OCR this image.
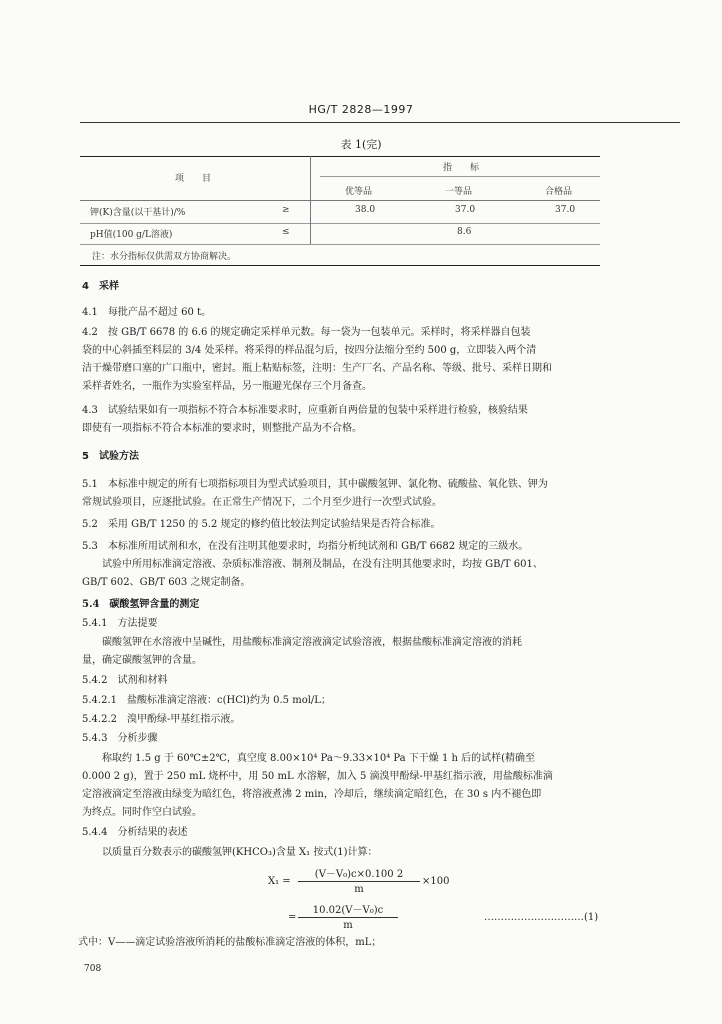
HG/T 2828—1997
表 1(完)
项　　目
指　　标
优等品	一等品	合格品
钾(K)含量(以干基计)/%	≥	38.0	37.0	37.0
pH值(100 g/L溶液)	≤	8.6
注：水分指标仅供需双方协商解决。
4　采样
4.1　每批产品不超过 60 t。
4.2　按 GB/T 6678 的 6.6 的规定确定采样单元数。每一袋为一包装单元。采样时，将采样器自包装
袋的中心斜插至料层的 3/4 处采样。将采得的样品混匀后，按四分法缩分至约 500 g，立即装入两个清
洁干燥带磨口塞的广口瓶中，密封。瓶上粘贴标签，注明：生产厂名、产品名称、等级、批号、采样日期和
采样者姓名，一瓶作为实验室样品，另一瓶避光保存三个月备查。
4.3　试验结果如有一项指标不符合本标准要求时，应重新自两倍量的包装中采样进行检验，核验结果
即使有一项指标不符合本标准的要求时，则整批产品为不合格。
5　试验方法
5.1　本标准中规定的所有七项指标项目为型式试验项目，其中碳酸氢钾、氯化物、硫酸盐、氧化铁、钾为
常规试验项目，应逐批试验。在正常生产情况下，二个月至少进行一次型式试验。
5.2　采用 GB/T 1250 的 5.2 规定的修约值比较法判定试验结果是否符合标准。
5.3　本标准所用试剂和水，在没有注明其他要求时，均指分析纯试剂和 GB/T 6682 规定的三级水。
试验中所用标准滴定溶液、杂质标准溶液、制剂及制品，在没有注明其他要求时，均按 GB/T 601、
GB/T 602、GB/T 603 之规定制备。
5.4　碳酸氢钾含量的测定
5.4.1　方法提要
碳酸氢钾在水溶液中呈碱性，用盐酸标准滴定溶液滴定试验溶液，根据盐酸标准滴定溶液的消耗
量，确定碳酸氢钾的含量。
5.4.2　试剂和材料
5.4.2.1　盐酸标准滴定溶液：c(HCl)约为 0.5 mol/L；
5.4.2.2　溴甲酚绿-甲基红指示液。
5.4.3　分析步骤
称取约 1.5 g 于 60℃±2℃，真空度 8.00×10⁴ Pa～9.33×10⁴ Pa 下干燥 1 h 后的试样(精确至
0.000 2 g)，置于 250 mL 烧杯中，用 50 mL 水溶解，加入 5 滴溴甲酚绿-甲基红指示液，用盐酸标准滴
定溶液滴定至溶液由绿变为暗红色，将溶液煮沸 2 min，冷却后，继续滴定暗红色，在 30 s 内不褪色即
为终点。同时作空白试验。
5.4.4　分析结果的表述
以质量百分数表示的碳酸氢钾(KHCO₃)含量 X₁ 按式(1)计算：
X₁ =
(V－V₀)c×0.100 2
m
×100
=
10.02(V－V₀)c
m
…………………………(1)
式中：V——滴定试验溶液所消耗的盐酸标准滴定溶液的体积，mL；
708
